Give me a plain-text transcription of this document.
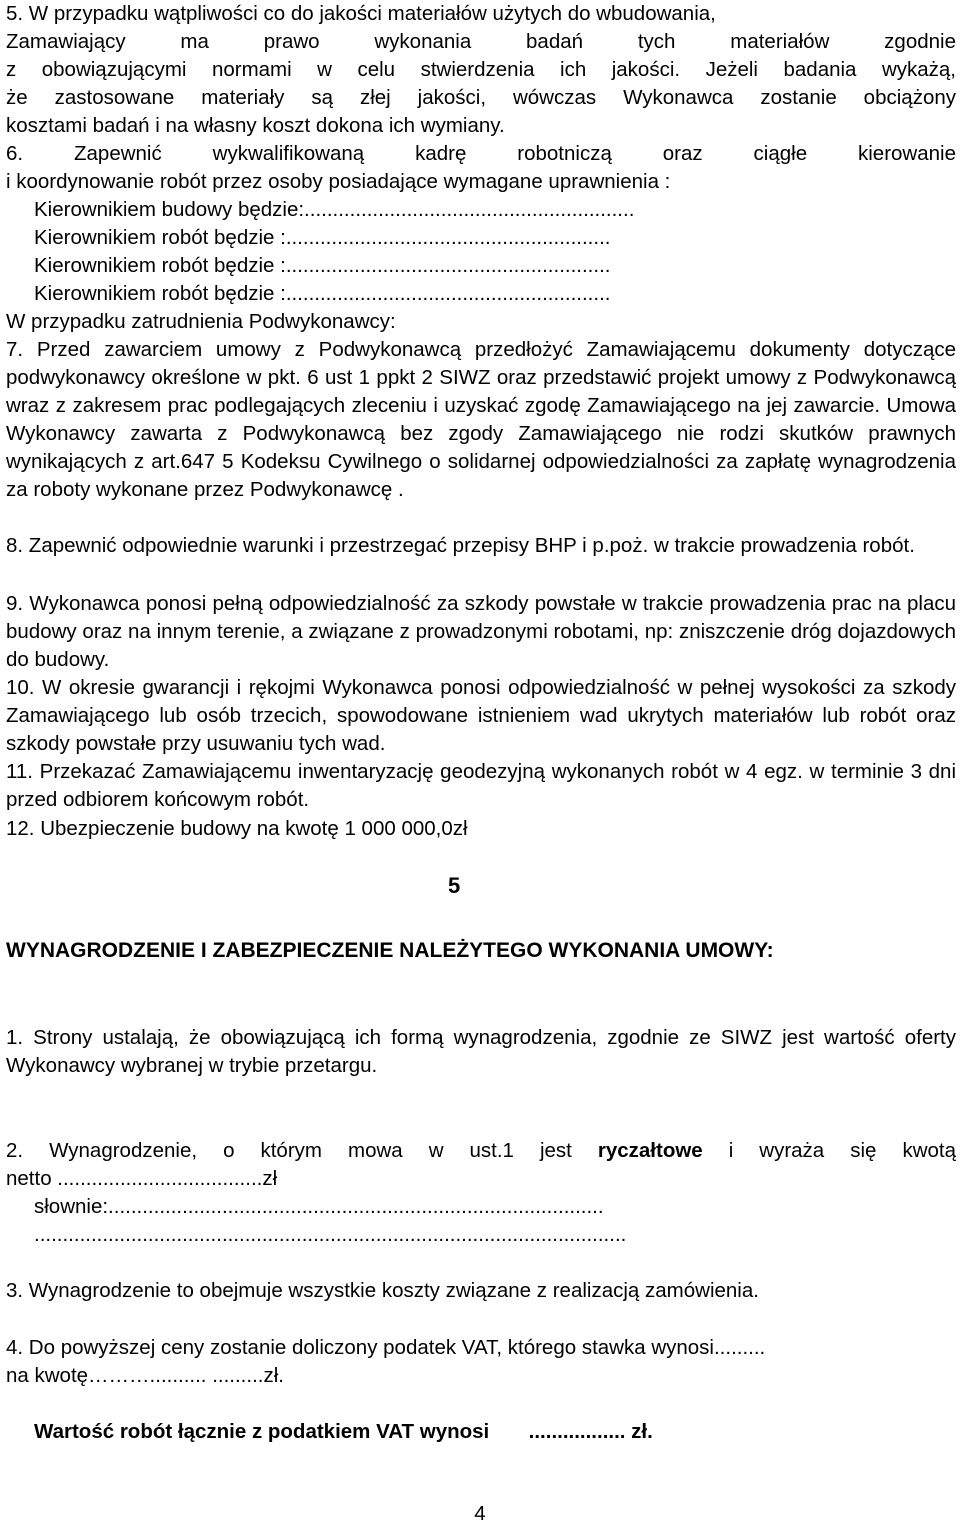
5. W przypadku wątpliwości co do jakości materiałów użytych do wbudowania,
Zamawiający ma prawo wykonania badań tych materiałów zgodnie
z obowiązującymi normami w celu stwierdzenia ich jakości. Jeżeli badania wykażą,
że zastosowane materiały są złej jakości, wówczas Wykonawca zostanie obciążony
kosztami badań i na własny koszt dokona ich wymiany.
6. Zapewnić wykwalifikowaną kadrę robotniczą oraz ciągłe kierowanie
i koordynowanie robót przez osoby posiadające wymagane uprawnienia :
Kierownikiem budowy będzie:..........................................................
Kierownikiem robót będzie :.........................................................
Kierownikiem robót będzie :.........................................................
Kierownikiem robót będzie :.........................................................
W przypadku zatrudnienia Podwykonawcy:
7. Przed zawarciem umowy z Podwykonawcą przedłożyć Zamawiającemu dokumenty dotyczące podwykonawcy określone w pkt. 6 ust 1 ppkt 2 SIWZ oraz przedstawić projekt umowy z Podwykonawcą wraz z zakresem prac podlegających zleceniu i uzyskać zgodę Zamawiającego na jej zawarcie. Umowa Wykonawcy zawarta z Podwykonawcą bez zgody Zamawiającego nie rodzi skutków prawnych wynikających z art.647 5 Kodeksu Cywilnego o solidarnej odpowiedzialności za zapłatę wynagrodzenia za roboty wykonane przez Podwykonawcę .
8. Zapewnić odpowiednie warunki i przestrzegać przepisy BHP i p.poż. w trakcie prowadzenia robót.
9. Wykonawca ponosi pełną odpowiedzialność za szkody powstałe w trakcie prowadzenia prac na placu budowy oraz na innym terenie, a związane z prowadzonymi robotami, np: zniszczenie dróg dojazdowych do budowy.
10. W okresie gwarancji i rękojmi Wykonawca ponosi odpowiedzialność w pełnej wysokości za szkody Zamawiającego lub osób trzecich, spowodowane istnieniem wad ukrytych materiałów lub robót oraz szkody powstałe przy usuwaniu tych wad.
11. Przekazać Zamawiającemu inwentaryzację geodezyjną wykonanych robót w 4 egz. w terminie 3 dni przed odbiorem końcowym robót.
12. Ubezpieczenie budowy na kwotę 1 000 000,0zł
5
WYNAGRODZENIE I ZABEZPIECZENIE NALEŻYTEGO WYKONANIA UMOWY:
1. Strony ustalają, że obowiązującą ich formą wynagrodzenia, zgodnie ze SIWZ jest wartość oferty Wykonawcy wybranej w trybie przetargu.
2. Wynagrodzenie, o którym mowa w ust.1 jest ryczałtowe i wyraża się kwotą
netto ....................................zł
słownie:.......................................................................................
........................................................................................................
3. Wynagrodzenie to obejmuje wszystkie koszty związane z realizacją zamówienia.
4. Do powyższej ceny zostanie doliczony podatek VAT, którego stawka wynosi.........
na kwotę……….......... .........zł.
Wartość robót łącznie z podatkiem VAT wynosi ................. zł.
4
